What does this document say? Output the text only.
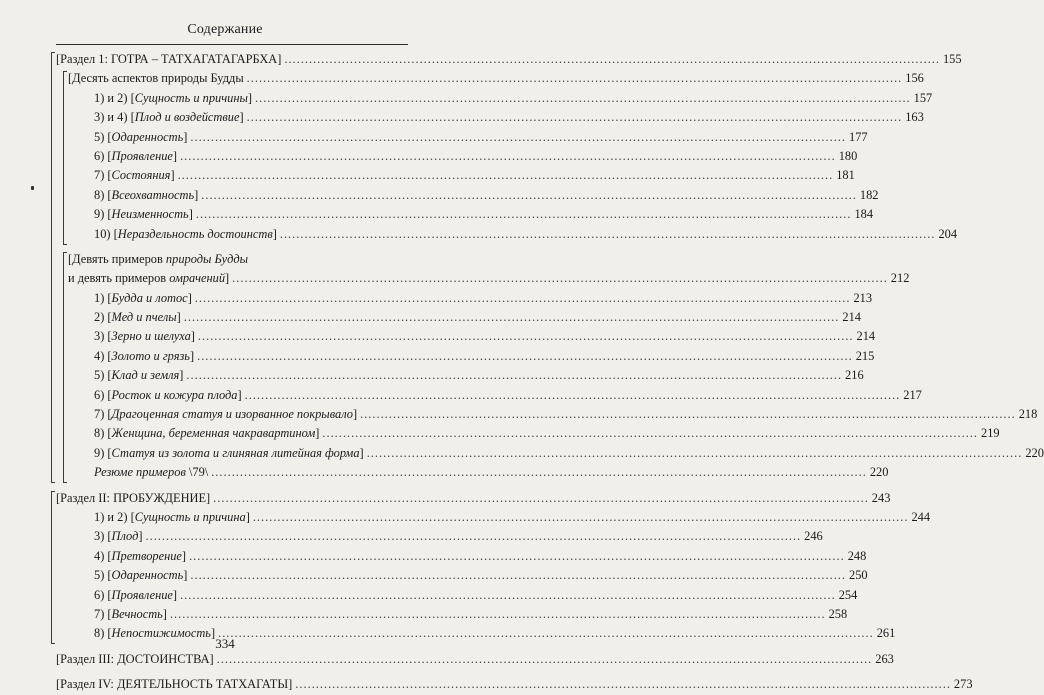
Содержание
[Раздел 1: ГОТРА – ТАТХАГАТАГАРБХА] .....	155
[Десять аспектов природы Будды .....	156
1) и 2) [Сущность и причины] .....	157
3) и 4) [Плод и воздействие] .....	163
5) [Одаренность] .....	177
6) [Проявление] .....	180
7) [Состояния] .....	181
8) [Всеохватность] .....	182
9) [Неизменность] .....	184
10) [Нераздельность достоинств] .....	204
[Девять примеров природы Будды
и девять примеров омрачений] .....	212
1) [Будда и лотос] .....	213
2) [Мед и пчелы] .....	214
3) [Зерно и шелуха] .....	214
4) [Золото и грязь] .....	215
5) [Клад и земля] .....	216
6) [Росток и кожура плода] .....	217
7) [Драгоценная статуя и изорванное покрывало] .....	218
8) [Женщина, беременная чакравартином] .....	219
9) [Статуя из золота и глиняная литейная форма] .....	220
Резюме примеров \79\ .....	220
[Раздел II: ПРОБУЖДЕНИЕ] .....	243
1) и 2) [Сущность и причина] .....	244
3) [Плод] .....	246
4) [Претворение] .....	248
5) [Одаренность] .....	250
6) [Проявление] .....	254
7) [Вечность] .....	258
8) [Непостижимость] .....	261
[Раздел III: ДОСТОИНСТВА] .....	263
[Раздел IV: ДЕЯТЕЛЬНОСТЬ ТАТХАГАТЫ] .....	273
334
